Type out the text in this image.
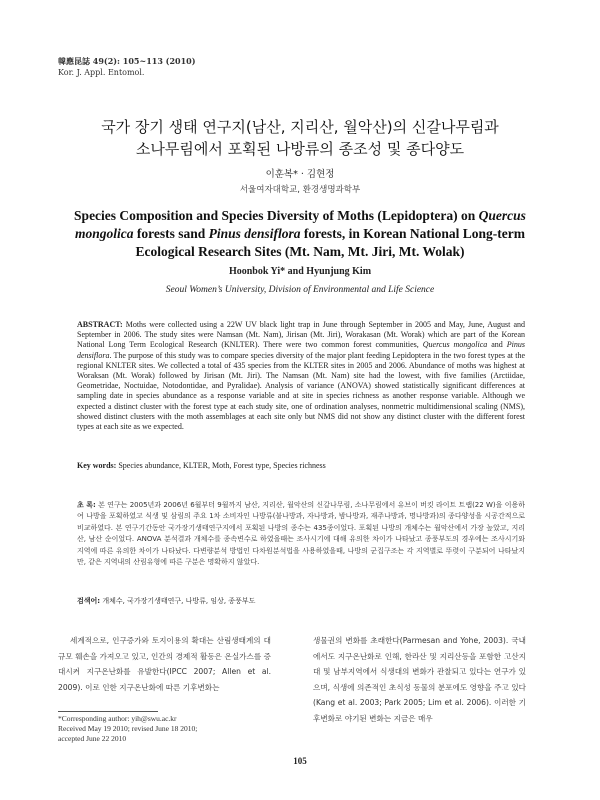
韓應昆誌 49(2): 105~113 (2010)
Kor. J. Appl. Entomol.
국가 장기 생태 연구지(남산, 지리산, 월악산)의 신갈나무림과
소나무림에서 포획된 나방류의 종조성 및 종다양도
이훈복* · 김현정
서울여자대학교, 환경생명과학부
Species Composition and Species Diversity of Moths (Lepidoptera) on Quercus mongolica forests sand Pinus densiflora forests, in Korean National Long-term Ecological Research Sites (Mt. Nam, Mt. Jiri, Mt. Wolak)
Hoonbok Yi* and Hyunjung Kim
Seoul Women’s University, Division of Environmental and Life Science
ABSTRACT: Moths were collected using a 22W UV black light trap in June through September in 2005 and May, June, August and September in 2006. The study sites were Namsan (Mt. Nam), Jirisan (Mt. Jiri), Worakasan (Mt. Worak) which are part of the Korean National Long Term Ecological Research (KNLTER). There were two common forest communities, Quercus mongolica and Pinus densiflora. The purpose of this study was to compare species diversity of the major plant feeding Lepidoptera in the two forest types at the regional KNLTER sites. We collected a total of 435 species from the KLTER sites in 2005 and 2006. Abundance of moths was highest at Woraksan (Mt. Worak) followed by Jirisan (Mt. Jiri). The Namsan (Mt. Nam) site had the lowest, with five families (Arctiidae, Geometridae, Noctuidae, Notodontidae, and Pyralidae). Analysis of variance (ANOVA) showed statistically significant differences at sampling date in species abundance as a response variable and at site in species richness as another response variable. Although we expected a distinct cluster with the forest type at each study site, one of ordination analyses, nonmetric multidimensional scaling (NMS), showed distinct clusters with the moth assemblages at each site only but NMS did not show any distinct cluster with the different forest types at each site as we expected.
Key words: Species abundance, KLTER, Moth, Forest type, Species richness
초 록: 본 연구는 2005년과 2006년 6월부터 9월까지 남산, 지리산, 월악산의 신갈나무림, 소나무림에서 유브이 버킷 라이트 트랩(22 W)을 이용하여 나방을 포획하였고 식생 및 삼림의 주요 1차 소비자인 나방류(불나방과, 자나방과, 밤나방과, 재주나방과, 명나방과)의 종다양성을 시공간적으로 비교하였다. 본 연구기간동안 국가장기생태연구지에서 포획된 나방의 종수는 435종이었다. 포획된 나방의 개체수는 월악산에서 가장 높았고, 지리산, 남산 순이었다. ANOVA 분석결과 개체수를 종속변수로 하였을때는 조사시기에 대해 유의한 차이가 나타났고 종풍부도의 경우에는 조사시기와 지역에 따른 유의한 차이가 나타났다. 다변량분석 방법인 다차원분석법을 사용하였을때, 나방의 군집구조는 각 지역별로 뚜렷이 구분되어 나타났지만, 같은 지역내의 산림유형에 따른 구분은 명확하지 않았다.
검색어: 개체수, 국가장기생태연구, 나방류, 임상, 종풍부도
세계적으로, 인구증가와 토지이용의 확대는 산림생태계의 대규모 훼손을 가져오고 있고, 인간의 경제적 활동은 온실가스를 증대시켜 지구온난화를 유발한다(IPCC 2007; Allen et al. 2009). 이로 인한 지구온난화에 따른 기후변화는
생물권의 변화를 초래한다(Parmesan and Yohe, 2003). 국내에서도 지구온난화로 인해, 한라산 및 지리산등을 포함한 고산지대 및 남부지역에서 식생대의 변화가 관찰되고 있다는 연구가 있으며, 식생에 의존적인 초식성 동물의 분포에도 영향을 주고 있다(Kang et al. 2003; Park 2005; Lim et al. 2006). 이러한 기후변화로 야기된 변화는 지금은 매우
*Corresponding author: yih@swu.ac.kr
Received May 19 2010; revised June 18 2010;
accepted June 22 2010
105
